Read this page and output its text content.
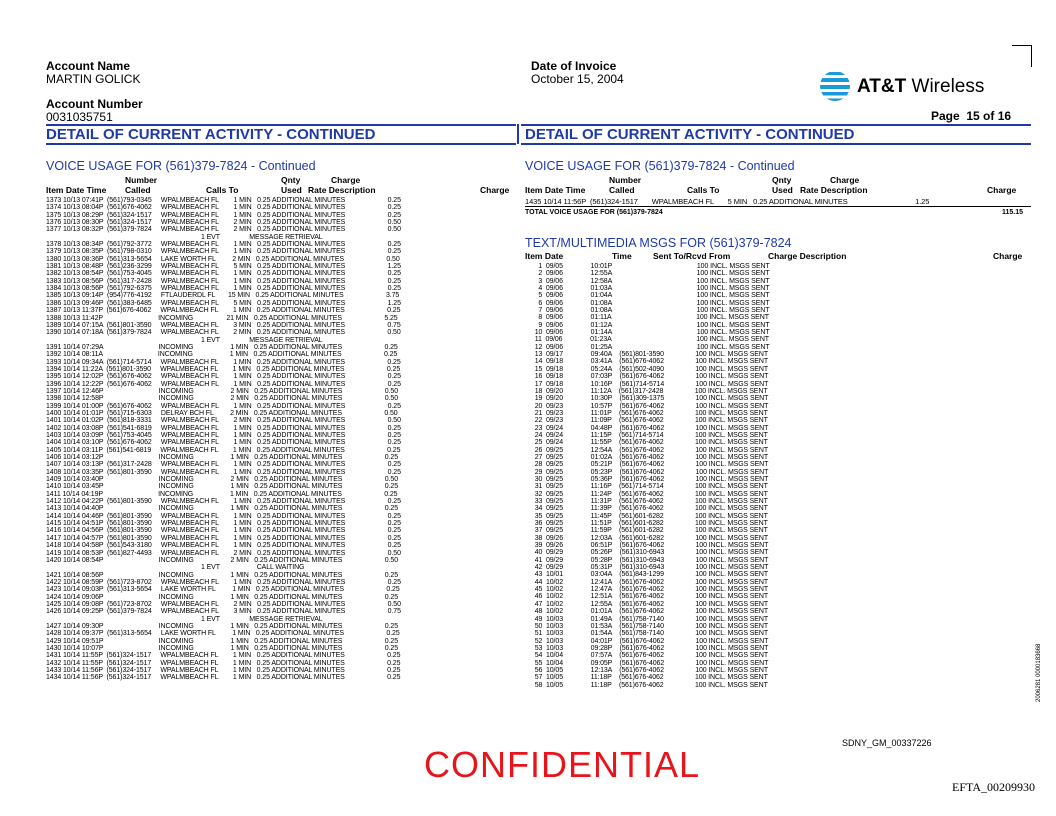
Account Name
MARTIN GOLICK
Account Number
0031035751
Date of Invoice
October 15, 2004	AT&T Wireless
Page  15 of 16
DETAIL OF CURRENT ACTIVITY - CONTINUED	DETAIL OF CURRENT ACTIVITY - CONTINUED
VOICE USAGE FOR (561)379-7824 - Continued
Number	Qnty	Charge
Item Date Time Called	Calls To	Used Rate Description	Charge
1373 10/13 07:41P  (561)793-0345     WPALMBEACH FL        1 MIN   0.25 ADDITIONAL MINUTES                       0.25
1374 10/13 08:04P  (561)676-4062     WPALMBEACH FL        1 MIN   0.25 ADDITIONAL MINUTES                       0.25
1375 10/13 08:29P  (561)324-1517     WPALMBEACH FL        1 MIN   0.25 ADDITIONAL MINUTES                       0.25
1376 10/13 08:30P  (561)324-1517     WPALMBEACH FL        2 MIN   0.25 ADDITIONAL MINUTES                       0.50
1377 10/13 08:32P  (561)379-7824     WPALMBEACH FL        2 MIN   0.25 ADDITIONAL MINUTES                       0.50
1 EVT                MESSAGE RETRIEVAL
1378 10/13 08:34P  (561)792-3772     WPALMBEACH FL        1 MIN   0.25 ADDITIONAL MINUTES                       0.25
1379 10/13 08:35P  (561)798-0310     WPALMBEACH FL        1 MIN   0.25 ADDITIONAL MINUTES                       0.25
1380 10/13 08:36P  (561)313-5654     LAKE WORTH FL         2 MIN   0.25 ADDITIONAL MINUTES                       0.50
1381 10/13 08:48P  (561)236-3299     WPALMBEACH FL        5 MIN   0.25 ADDITIONAL MINUTES                       1.25
1382 10/13 08:54P  (561)753-4045     WPALMBEACH FL        1 MIN   0.25 ADDITIONAL MINUTES                       0.25
1383 10/13 08:56P  (561)317-2428     WPALMBEACH FL        1 MIN   0.25 ADDITIONAL MINUTES                       0.25
1384 10/13 08:56P  (561)792-6375     WPALMBEACH FL        1 MIN   0.25 ADDITIONAL MINUTES                       0.25
1385 10/13 09:14P  (954)776-4192     FTLAUDERDL FL       15 MIN   0.25 ADDITIONAL MINUTES                       3.75
1386 10/13 09:46P  (561)383-6485     WPALMBEACH FL        5 MIN   0.25 ADDITIONAL MINUTES                       1.25
1387 10/13 11:37P  (561)676-4062     WPALMBEACH FL        1 MIN   0.25 ADDITIONAL MINUTES                       0.25
1388 10/13 11:42P                              INCOMING                  21 MIN   0.25 ADDITIONAL MINUTES                       5.25
1389 10/14 07:15A  (561)801-3590     WPALMBEACH FL        3 MIN   0.25 ADDITIONAL MINUTES                       0.75
1390 10/14 07:18A  (561)379-7824     WPALMBEACH FL        2 MIN   0.25 ADDITIONAL MINUTES                       0.50
1 EVT                MESSAGE RETRIEVAL
1391 10/14 07:29A                              INCOMING                    1 MIN   0.25 ADDITIONAL MINUTES                       0.25
1392 10/14 08:11A                              INCOMING                    1 MIN   0.25 ADDITIONAL MINUTES                       0.25
1393 10/14 09:34A  (561)714-5714     WPALMBEACH FL        1 MIN   0.25 ADDITIONAL MINUTES                       0.25
1394 10/14 11:22A  (561)801-3590     WPALMBEACH FL        1 MIN   0.25 ADDITIONAL MINUTES                       0.25
1395 10/14 12:02P  (561)676-4062     WPALMBEACH FL        1 MIN   0.25 ADDITIONAL MINUTES                       0.25
1396 10/14 12:22P  (561)676-4062     WPALMBEACH FL        1 MIN   0.25 ADDITIONAL MINUTES                       0.25
1397 10/14 12:46P                              INCOMING                    2 MIN   0.25 ADDITIONAL MINUTES                       0.50
1398 10/14 12:58P                              INCOMING                    2 MIN   0.25 ADDITIONAL MINUTES                       0.50
1399 10/14 01:00P  (561)676-4062     WPALMBEACH FL        1 MIN   0.25 ADDITIONAL MINUTES                       0.25
1400 10/14 01:01P  (561)715-6303     DELRAY BCH FL         2 MIN   0.25 ADDITIONAL MINUTES                       0.50
1401 10/14 01:02P  (561)818-3331     WPALMBEACH FL        2 MIN   0.25 ADDITIONAL MINUTES                       0.50
1402 10/14 03:08P  (561)541-6819     WPALMBEACH FL        1 MIN   0.25 ADDITIONAL MINUTES                       0.25
1403 10/14 03:09P  (561)753-4045     WPALMBEACH FL        1 MIN   0.25 ADDITIONAL MINUTES                       0.25
1404 10/14 03:10P  (561)676-4062     WPALMBEACH FL        1 MIN   0.25 ADDITIONAL MINUTES                       0.25
1405 10/14 03:11P  (561)541-6819     WPALMBEACH FL        1 MIN   0.25 ADDITIONAL MINUTES                       0.25
1406 10/14 03:12P                              INCOMING                    1 MIN   0.25 ADDITIONAL MINUTES                       0.25
1407 10/14 03:13P  (561)317-2428     WPALMBEACH FL        1 MIN   0.25 ADDITIONAL MINUTES                       0.25
1408 10/14 03:35P  (561)801-3590     WPALMBEACH FL        1 MIN   0.25 ADDITIONAL MINUTES                       0.25
1409 10/14 03:40P                              INCOMING                    2 MIN   0.25 ADDITIONAL MINUTES                       0.50
1410 10/14 03:45P                              INCOMING                    1 MIN   0.25 ADDITIONAL MINUTES                       0.25
1411 10/14 04:19P                              INCOMING                    1 MIN   0.25 ADDITIONAL MINUTES                       0.25
1412 10/14 04:22P  (561)801-3590     WPALMBEACH FL        1 MIN   0.25 ADDITIONAL MINUTES                       0.25
1413 10/14 04:40P                              INCOMING                    1 MIN   0.25 ADDITIONAL MINUTES                       0.25
1414 10/14 04:46P  (561)801-3590     WPALMBEACH FL        1 MIN   0.25 ADDITIONAL MINUTES                       0.25
1415 10/14 04:51P  (561)801-3590     WPALMBEACH FL        1 MIN   0.25 ADDITIONAL MINUTES                       0.25
1416 10/14 04:56P  (561)801-3590     WPALMBEACH FL        1 MIN   0.25 ADDITIONAL MINUTES                       0.25
1417 10/14 04:57P  (561)801-3590     WPALMBEACH FL        1 MIN   0.25 ADDITIONAL MINUTES                       0.25
1418 10/14 04:58P  (561)543-3180     WPALMBEACH FL        1 MIN   0.25 ADDITIONAL MINUTES                       0.25
1419 10/14 08:53P  (561)827-4493     WPALMBEACH FL        2 MIN   0.25 ADDITIONAL MINUTES                       0.50
1420 10/14 08:54P                              INCOMING                    2 MIN   0.25 ADDITIONAL MINUTES                       0.50
1 EVT                    CALL WAITING
1421 10/14 08:56P                              INCOMING                    1 MIN   0.25 ADDITIONAL MINUTES                       0.25
1422 10/14 08:59P  (561)723-8702     WPALMBEACH FL        1 MIN   0.25 ADDITIONAL MINUTES                       0.25
1423 10/14 09:03P  (561)313-5654     LAKE WORTH FL         1 MIN   0.25 ADDITIONAL MINUTES                       0.25
1424 10/14 09:06P                              INCOMING                    1 MIN   0.25 ADDITIONAL MINUTES                       0.25
1425 10/14 09:08P  (561)723-8702     WPALMBEACH FL        2 MIN   0.25 ADDITIONAL MINUTES                       0.50
1426 10/14 09:25P  (561)379-7824     WPALMBEACH FL        3 MIN   0.25 ADDITIONAL MINUTES                       0.75
1 EVT                MESSAGE RETRIEVAL
1427 10/14 09:30P                              INCOMING                    1 MIN   0.25 ADDITIONAL MINUTES                       0.25
1428 10/14 09:37P  (561)313-5654     LAKE WORTH FL         1 MIN   0.25 ADDITIONAL MINUTES                       0.25
1429 10/14 09:51P                              INCOMING                    1 MIN   0.25 ADDITIONAL MINUTES                       0.25
1430 10/14 10:07P                              INCOMING                    1 MIN   0.25 ADDITIONAL MINUTES                       0.25
1431 10/14 11:55P  (561)324-1517     WPALMBEACH FL        1 MIN   0.25 ADDITIONAL MINUTES                       0.25
1432 10/14 11:55P  (561)324-1517     WPALMBEACH FL        1 MIN   0.25 ADDITIONAL MINUTES                       0.25
1433 10/14 11:56P  (561)324-1517     WPALMBEACH FL        1 MIN   0.25 ADDITIONAL MINUTES                       0.25
1434 10/14 11:56P  (561)324-1517     WPALMBEACH FL        1 MIN   0.25 ADDITIONAL MINUTES                       0.25
VOICE USAGE FOR (561)379-7824 - Continued
Number	Qnty	Charge
Item Date Time	Called	Calls To	Used Rate Description	Charge
1435 10/14 11:56P  (561)324-1517       WPALMBEACH FL       5 MIN   0.25 ADDITIONAL MINUTES                                  1.25
TOTAL VOICE USAGE FOR (561)379-7824	115.15
TEXT/MULTIMEDIA MSGS FOR (561)379-7824
Item Date	Time	Sent To/Rcvd From	Charge Description	Charge
1  09/05               10:01P                                              100 INCL. MSGS SENT
2  09/06               12:55A                                              100 INCL. MSGS SENT
3  09/06               12:58A                                              100 INCL. MSGS SENT
4  09/06               01:03A                                              100 INCL. MSGS SENT
5  09/06               01:04A                                              100 INCL. MSGS SENT
6  09/06               01:08A                                              100 INCL. MSGS SENT
7  09/06               01:08A                                              100 INCL. MSGS SENT
8  09/06               01:11A                                              100 INCL. MSGS SENT
9  09/06               01:12A                                              100 INCL. MSGS SENT
10  09/06               01:14A                                              100 INCL. MSGS SENT
11  09/06               01:23A                                              100 INCL. MSGS SENT
12  09/06               01:25A                                              100 INCL. MSGS SENT
13  09/17               09:40A    (561)801-3590                 100 INCL. MSGS SENT
14  09/18               03:41A    (561)676-4062                 100 INCL. MSGS SENT
15  09/18               05:24A    (561)502-4090                 100 INCL. MSGS SENT
16  09/18               07:03P    (561)676-4062                 100 INCL. MSGS SENT
17  09/18               10:16P    (561)714-5714                 100 INCL. MSGS SENT
18  09/20               11:12A    (561)317-2428                 100 INCL. MSGS SENT
19  09/20               10:30P    (561)309-1375                 100 INCL. MSGS SENT
20  09/23               10:57P    (561)676-4062                 100 INCL. MSGS SENT
21  09/23               11:01P    (561)676-4062                 100 INCL. MSGS SENT
22  09/23               11:09P    (561)676-4062                 100 INCL. MSGS SENT
23  09/24               04:48P    (561)676-4062                 100 INCL. MSGS SENT
24  09/24               11:15P    (561)714-5714                 100 INCL. MSGS SENT
25  09/24               11:55P    (561)676-4062                 100 INCL. MSGS SENT
26  09/25               12:54A    (561)676-4062                 100 INCL. MSGS SENT
27  09/25               01:02A    (561)676-4062                 100 INCL. MSGS SENT
28  09/25               05:21P    (561)676-4062                 100 INCL. MSGS SENT
29  09/25               05:23P    (561)676-4062                 100 INCL. MSGS SENT
30  09/25               05:36P    (561)676-4062                 100 INCL. MSGS SENT
31  09/25               11:16P    (561)714-5714                 100 INCL. MSGS SENT
32  09/25               11:24P    (561)676-4062                 100 INCL. MSGS SENT
33  09/25               11:31P    (561)676-4062                 100 INCL. MSGS SENT
34  09/25               11:39P    (561)676-4062                 100 INCL. MSGS SENT
35  09/25               11:45P    (561)601-6282                 100 INCL. MSGS SENT
36  09/25               11:51P    (561)601-6282                 100 INCL. MSGS SENT
37  09/25               11:59P    (561)601-6282                 100 INCL. MSGS SENT
38  09/26               12:03A    (561)601-6282                 100 INCL. MSGS SENT
39  09/26               06:51P    (561)676-4062                 100 INCL. MSGS SENT
40  09/29               05:26P    (561)310-6943                 100 INCL. MSGS SENT
41  09/29               05:28P    (561)310-6943                 100 INCL. MSGS SENT
42  09/29               05:31P    (561)310-6943                 100 INCL. MSGS SENT
43  10/01               03:04A    (561)843-1299                 100 INCL. MSGS SENT
44  10/02               12:41A    (561)676-4062                 100 INCL. MSGS SENT
45  10/02               12:47A    (561)676-4062                 100 INCL. MSGS SENT
46  10/02               12:51A    (561)676-4062                 100 INCL. MSGS SENT
47  10/02               12:55A    (561)676-4062                 100 INCL. MSGS SENT
48  10/02               01:01A    (561)676-4062                 100 INCL. MSGS SENT
49  10/03               01:49A    (561)758-7140                 100 INCL. MSGS SENT
50  10/03               01:53A    (561)758-7140                 100 INCL. MSGS SENT
51  10/03               01:54A    (561)758-7140                 100 INCL. MSGS SENT
52  10/03               04:01P    (561)676-4062                 100 INCL. MSGS SENT
53  10/03               09:28P    (561)676-4062                 100 INCL. MSGS SENT
54  10/04               07:57A    (561)676-4062                 100 INCL. MSGS SENT
55  10/04               09:05P    (561)676-4062                 100 INCL. MSGS SENT
56  10/05               12:13A    (561)676-4062                 100 INCL. MSGS SENT
57  10/05               11:18P    (561)676-4062                 100 INCL. MSGS SENT
58  10/05               11:18P    (561)676-4062                 100 INCL. MSGS SENT
CONFIDENTIAL
SDNY_GM_00337226
EFTA_00209930
2006281 0000183668
